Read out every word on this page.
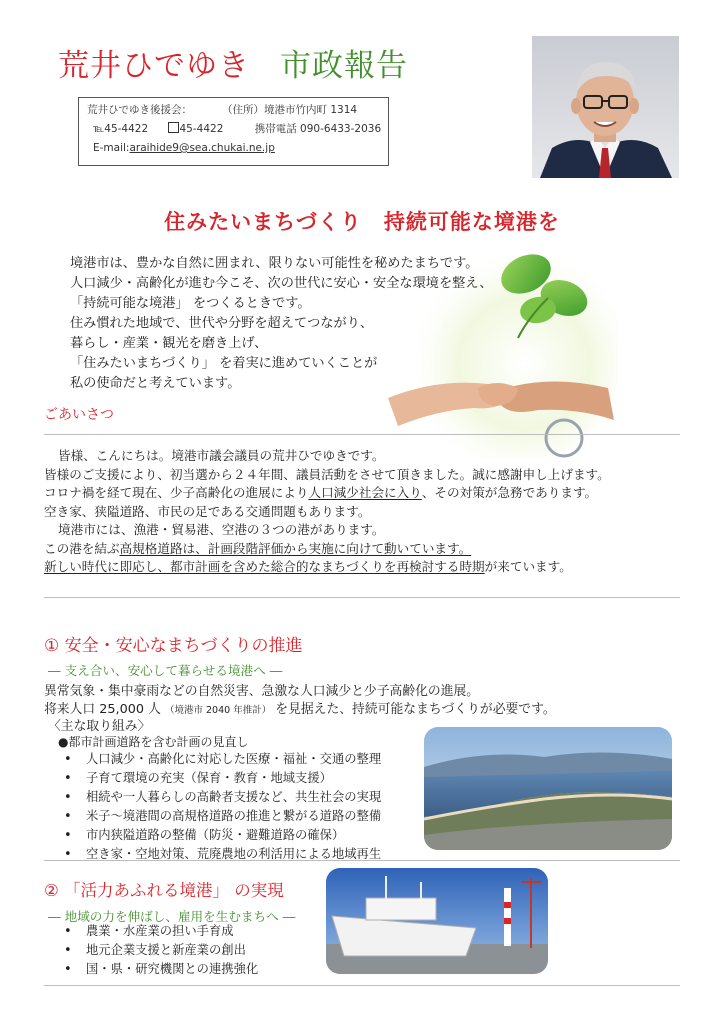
荒井ひでゆき 市政報告
荒井ひでゆき後援会：	（住所）境港市竹内町 1314
℡45-4422	45-4422	携帯電話 090-6433-2036
E-mail:araihide9@sea.chukai.ne.jp
住みたいまちづくり　持続可能な境港を
境港市は、豊かな自然に囲まれ、限りない可能性を秘めたまちです。
人口減少・高齢化が進む今こそ、次の世代に安心・安全な環境を整え、
「持続可能な境港」 をつくるときです。
住み慣れた地域で、世代や分野を超えてつながり、
暮らし・産業・観光を磨き上げ、
「住みたいまちづくり」 を着実に進めていくことが
私の使命だと考えています。
ごあいさつ
皆様、こんにちは。境港市議会議員の荒井ひでゆきです。
皆様のご支援により、初当選から２４年間、議員活動をさせて頂きました。誠に感謝申し上げます。
コロナ禍を経て現在、少子高齢化の進展により人口減少社会に入り、その対策が急務であります。
空き家、狭隘道路、市民の足である交通問題もあります。
境港市には、漁港・貿易港、空港の３つの港があります。
この港を結ぶ高規格道路は、計画段階評価から実施に向けて動いています。
新しい時代に即応し、都市計画を含めた総合的なまちづくりを再検討する時期が来ています。
① 安全・安心なまちづくりの推進
― 支え合い、安心して暮らせる境港へ ―
異常気象・集中豪雨などの自然災害、急激な人口減少と少子高齢化の進展。
将来人口 25,000 人 （境港市 2040 年推計） を見据えた、持続可能なまちづくりが必要です。
〈主な取り組み〉
●都市計画道路を含む計画の見直し
• 人口減少・高齢化に対応した医療・福祉・交通の整理
• 子育て環境の充実（保育・教育・地域支援）
• 相続や一人暮らしの高齢者支援など、共生社会の実現
• 米子～境港間の高規格道路の推進と繋がる道路の整備
• 市内狭隘道路の整備（防災・避難道路の確保）
• 空き家・空地対策、荒廃農地の利活用による地域再生
② 「活力あふれる境港」 の実現
― 地域の力を伸ばし、雇用を生むまちへ ―
• 農業・水産業の担い手育成
• 地元企業支援と新産業の創出
• 国・県・研究機関との連携強化
